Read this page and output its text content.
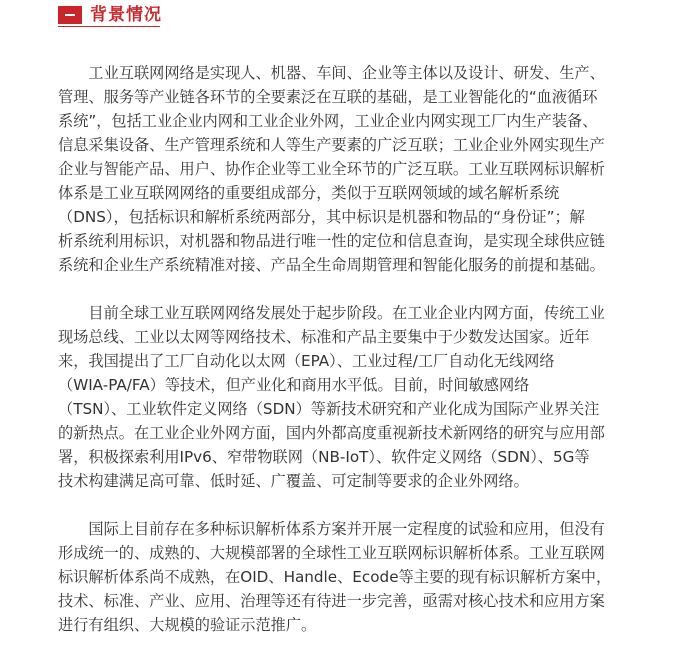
背景情况
　　工业互联网网络是实现人、机器、车间、企业等主体以及设计、研发、生产、
管理、服务等产业链各环节的全要素泛在互联的基础，是工业智能化的“血液循环
系统”，包括工业企业内网和工业企业外网，工业企业内网实现工厂内生产装备、
信息采集设备、生产管理系统和人等生产要素的广泛互联；工业企业外网实现生产
企业与智能产品、用户、协作企业等工业全环节的广泛互联。工业互联网标识解析
体系是工业互联网网络的重要组成部分，类似于互联网领域的域名解析系统
（DNS），包括标识和解析系统两部分，其中标识是机器和物品的“身份证”；解
析系统利用标识，对机器和物品进行唯一性的定位和信息查询，是实现全球供应链
系统和企业生产系统精准对接、产品全生命周期管理和智能化服务的前提和基础。
　　目前全球工业互联网网络发展处于起步阶段。在工业企业内网方面，传统工业
现场总线、工业以太网等网络技术、标准和产品主要集中于少数发达国家。近年
来，我国提出了工厂自动化以太网（EPA）、工业过程/工厂自动化无线网络
（WIA-PA/FA）等技术，但产业化和商用水平低。目前，时间敏感网络
（TSN）、工业软件定义网络（SDN）等新技术研究和产业化成为国际产业界关注
的新热点。在工业企业外网方面，国内外都高度重视新技术新网络的研究与应用部
署，积极探索利用IPv6、窄带物联网（NB-IoT）、软件定义网络（SDN）、5G等
技术构建满足高可靠、低时延、广覆盖、可定制等要求的企业外网络。
　　国际上目前存在多种标识解析体系方案并开展一定程度的试验和应用，但没有
形成统一的、成熟的、大规模部署的全球性工业互联网标识解析体系。工业互联网
标识解析体系尚不成熟，在OID、Handle、Ecode等主要的现有标识解析方案中，
技术、标准、产业、应用、治理等还有待进一步完善，亟需对核心技术和应用方案
进行有组织、大规模的验证示范推广。
